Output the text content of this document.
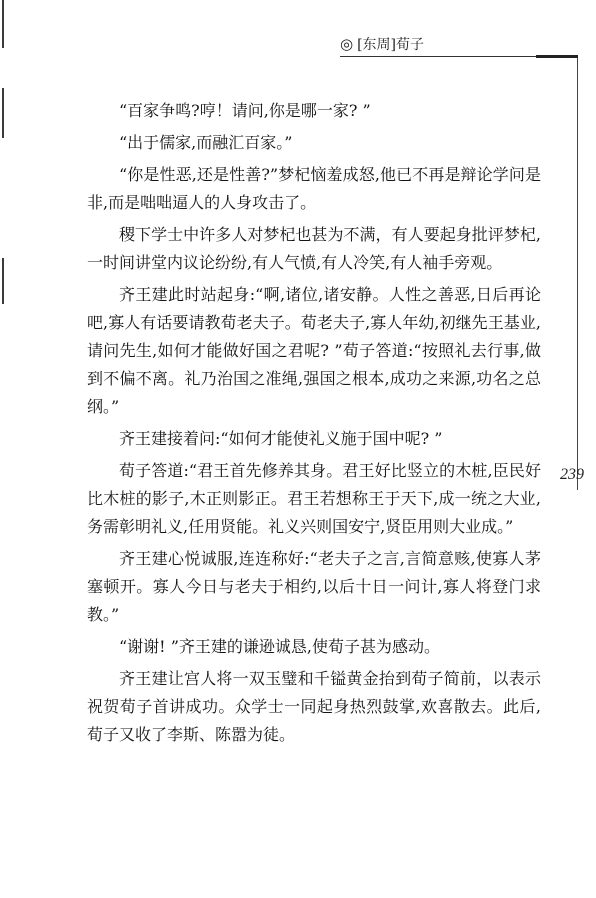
◎ [东周]荀子
239

“百家争鸣?哼！请问,你是哪一家? ”

“出于儒家,而融汇百家。”

“你是性恶,还是性善?”梦杞恼羞成怒,他已不再是辩论学问是非,而是咄咄逼人的人身攻击了。

稷下学士中许多人对梦杞也甚为不满，有人要起身批评梦杞,一时间讲堂内议论纷纷,有人气愤,有人冷笑,有人袖手旁观。

齐王建此时站起身:“啊,诸位,诸安静。人性之善恶,日后再论吧,寡人有话要请教荀老夫子。荀老夫子,寡人年幼,初继先王基业,请问先生,如何才能做好国之君呢? ”荀子答道:“按照礼去行事,做到不偏不离。礼乃治国之准绳,强国之根本,成功之来源,功名之总纲。”

齐王建接着问:“如何才能使礼义施于国中呢? ”

荀子答道:“君王首先修养其身。君王好比竖立的木桩,臣民好比木桩的影子,木正则影正。君王若想称王于天下,成一统之大业,务需彰明礼义,任用贤能。礼义兴则国安宁,贤臣用则大业成。”

齐王建心悦诚服,连连称好:“老夫子之言,言简意赅,使寡人茅塞顿开。寡人今日与老夫于相约,以后十日一问计,寡人将登门求教。”

“谢谢! ”齐王建的谦逊诚恳,使荀子甚为感动。

齐王建让宫人将一双玉璧和千镒黄金抬到荀子简前，以表示祝贺荀子首讲成功。众学士一同起身热烈鼓掌,欢喜散去。此后,荀子又收了李斯、陈嚣为徒。
